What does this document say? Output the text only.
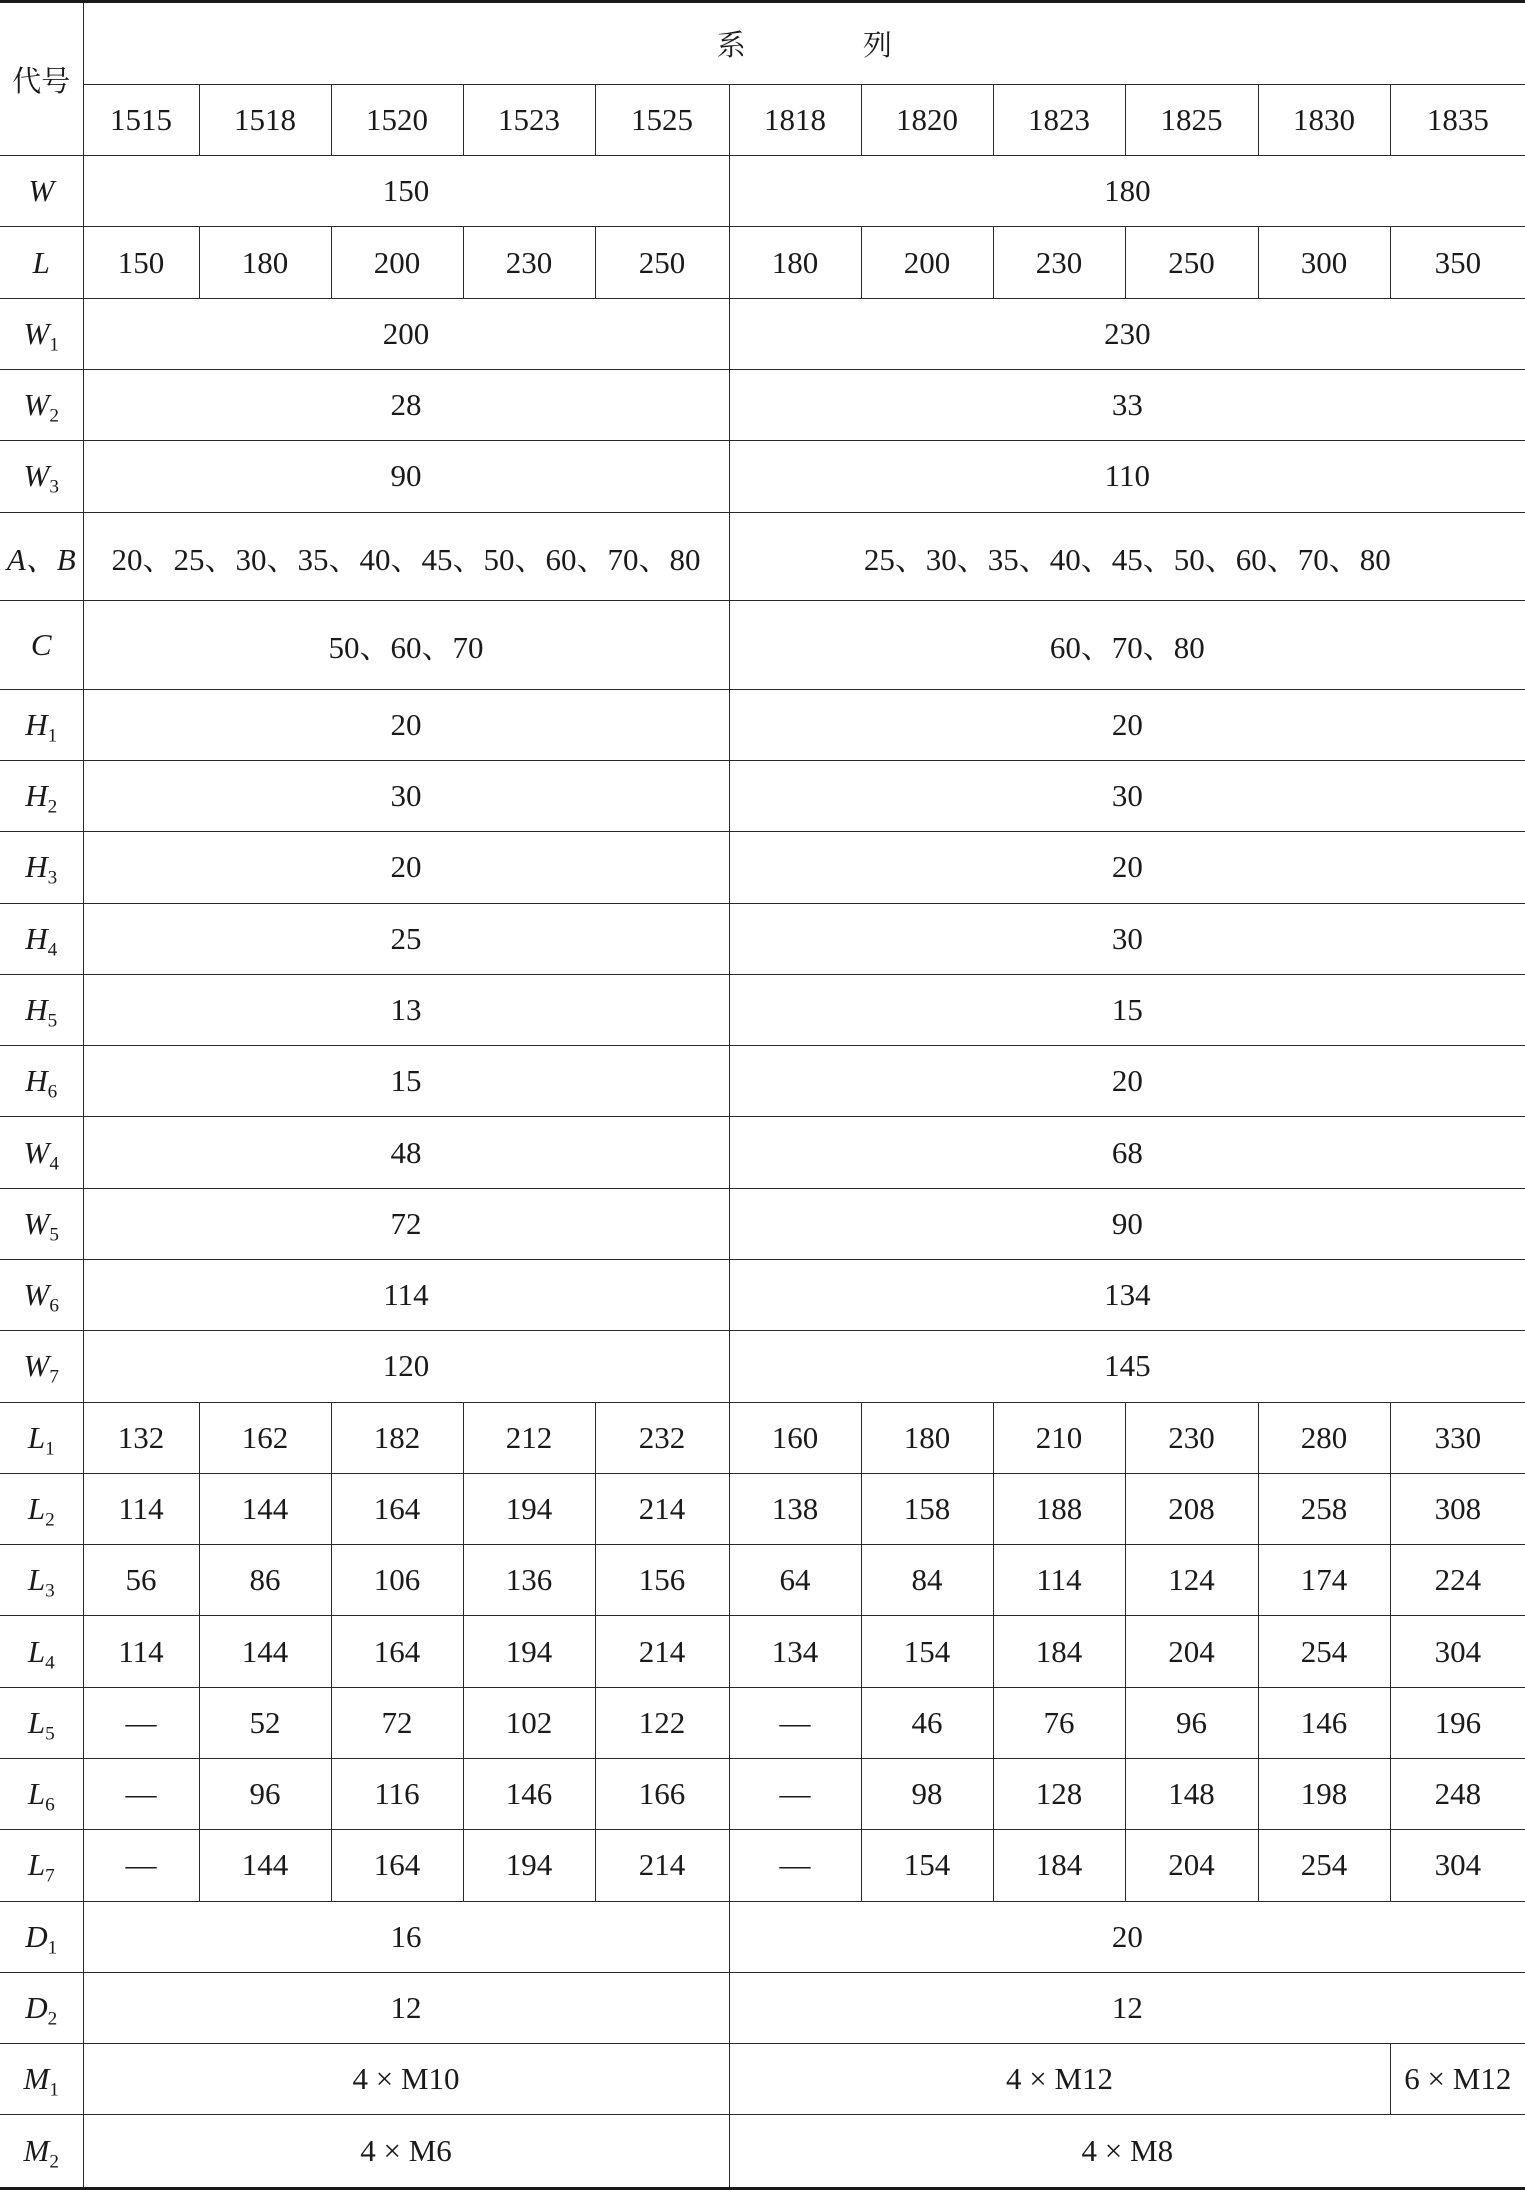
代号	系 列										
	1515	1518	1520	1523	1525	1818	1820	1823	1825	1830	1835
W	150					180					
L	150	180	200	230	250	180	200	230	250	300	350
$W_1$	200					230					
$W_2$	28					33					
$W_3$	90					110					
A、B	20、25、30、35、40、45、50、60、70、80					25、30、35、40、45、50、60、70、80					
C	50、60、70					60、70、80					
$H_1$	20					20					
$H_2$	30					30					
$H_3$	20					20					
$H_4$	25					30					
$H_5$	13					15					
$H_6$	15					20					
$W_4$	48					68					
$W_5$	72					90					
$W_6$	114					134					
$W_7$	120					145					
$L_1$	132	162	182	212	232	160	180	210	230	280	330
$L_2$	114	144	164	194	214	138	158	188	208	258	308
$L_3$	56	86	106	136	156	64	84	114	124	174	224
$L_4$	114	144	164	194	214	134	154	184	204	254	304
$L_5$	—	52	72	102	122	—	46	76	96	146	196
$L_6$	—	96	116	146	166	—	98	128	148	198	248
$L_7$	—	144	164	194	214	—	154	184	204	254	304
$D_1$	16					20					
$D_2$	12					12					
$M_1$	4 × M10					4 × M12					6 × M12
$M_2$	4 × M6					4 × M8					
